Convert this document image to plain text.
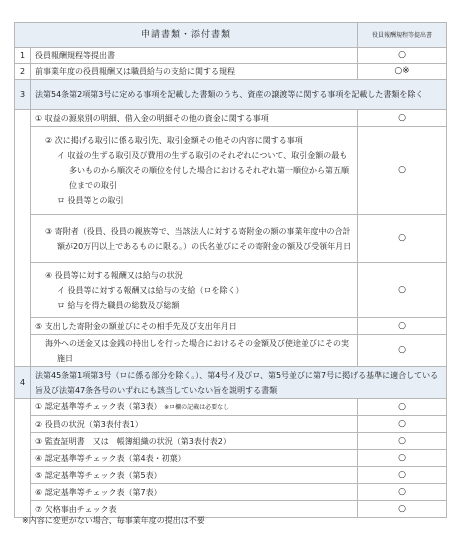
申請書類・添付書類		役員報酬規程等提出書
1	役員報酬規程等提出書	○
2	前事業年度の役員報酬又は職員給与の支給に関する規程	○※
3	法第54条第2項第3号に定める事項を記載した書類のうち、資産の譲渡等に関する事項を記載した書類を除く	
	① 収益の源泉別の明細、借入金の明細その他の資金に関する事項	○

	② 次に掲げる取引に係る取引先、取引金額その他その内容に関する事項
イ 収益の生ずる取引及び費用の生ずる取引のそれぞれについて、取引金額の最も多いものから順次その順位を付した場合におけるそれぞれ第一順位から第五順位までの取引
ロ 役員等との取引	○

	③ 寄附者（役員、役員の親族等で、当該法人に対する寄附金の額の事業年度中の合計額が20万円以上であるものに限る。）の氏名並びにその寄附金の額及び受領年月日	○

	④ 役員等に対する報酬又は給与の状況
イ 役員等に対する報酬又は給与の支給（ロを除く）
ロ 給与を得た職員の総数及び総額	○
	⑤ 支出した寄附金の額並びにその相手先及び支出年月日	○

	海外への送金又は金銭の持出しを行った場合におけるその金額及び使途並びにその実施日	○
4	法第45条第1項第3号（ロに係る部分を除く。）、第4号イ及びロ、第5号並びに第7号に掲げる基準に適合している旨及び法第47条各号のいずれにも該当していない旨を説明する書類	
	① 認定基準等チェック表（第3表） ※ロ欄の記載は必要なし	○
	② 役員の状況（第3表付表1）	○
	③ 監査証明書　又は　帳簿組織の状況（第3表付表2）	○
	④ 認定基準等チェック表（第4表・初葉）	○
	⑤ 認定基準等チェック表（第5表）	○
	⑥ 認定基準等チェック表（第7表）	○
	⑦ 欠格事由チェック表	○
※内容に変更がない場合、毎事業年度の提出は不要
